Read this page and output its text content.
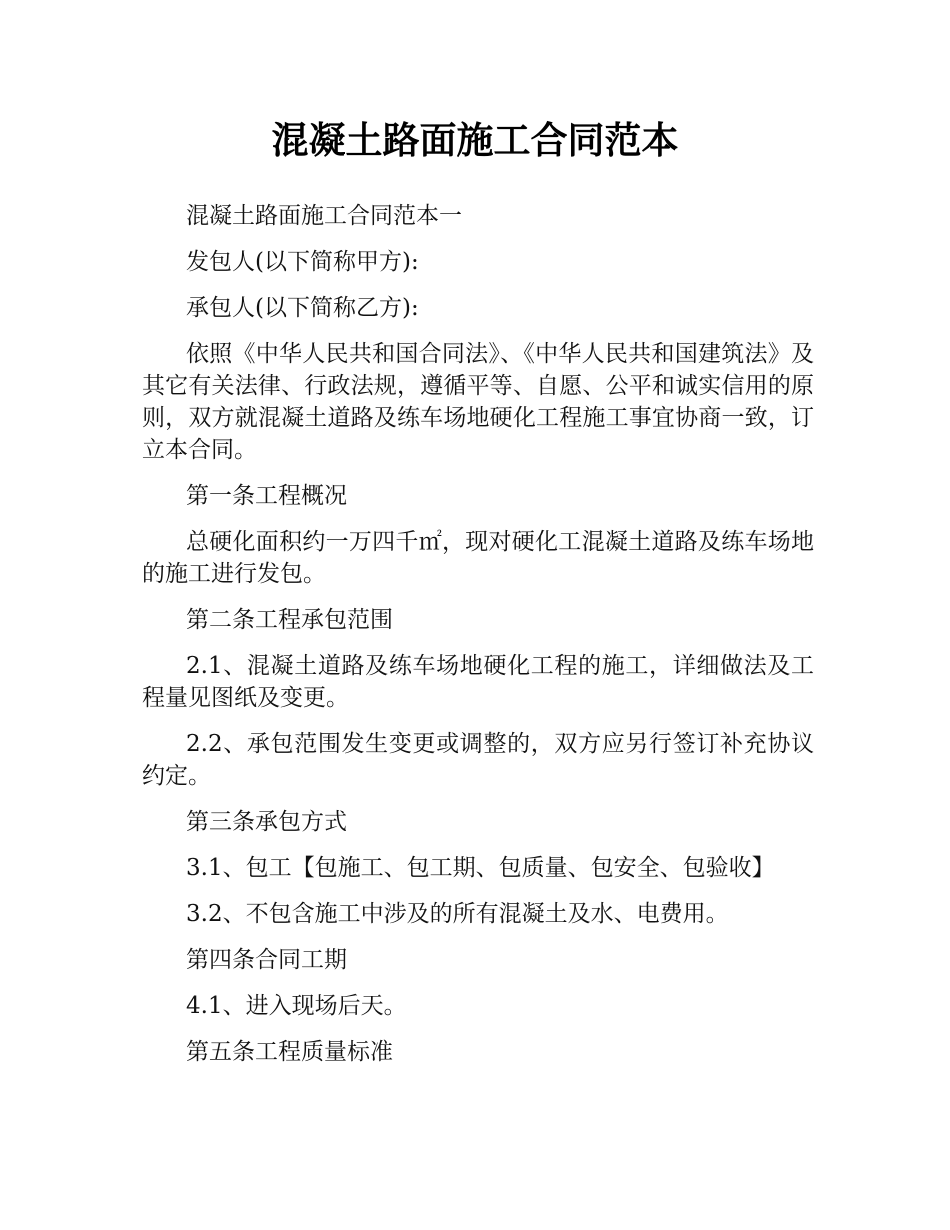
混凝土路面施工合同范本

混凝土路面施工合同范本一

发包人(以下简称甲方):

承包人(以下简称乙方):

依照《中华人民共和国合同法》、《中华人民共和国建筑法》及其它有关法律、行政法规，遵循平等、自愿、公平和诚实信用的原则，双方就混凝土道路及练车场地硬化工程施工事宜协商一致，订立本合同。

第一条工程概况

总硬化面积约一万四千㎡，现对硬化工混凝土道路及练车场地的施工进行发包。

第二条工程承包范围

2.1、混凝土道路及练车场地硬化工程的施工，详细做法及工程量见图纸及变更。

2.2、承包范围发生变更或调整的，双方应另行签订补充协议约定。

第三条承包方式

3.1、包工【包施工、包工期、包质量、包安全、包验收】

3.2、不包含施工中涉及的所有混凝土及水、电费用。

第四条合同工期

4.1、进入现场后天。

第五条工程质量标准
